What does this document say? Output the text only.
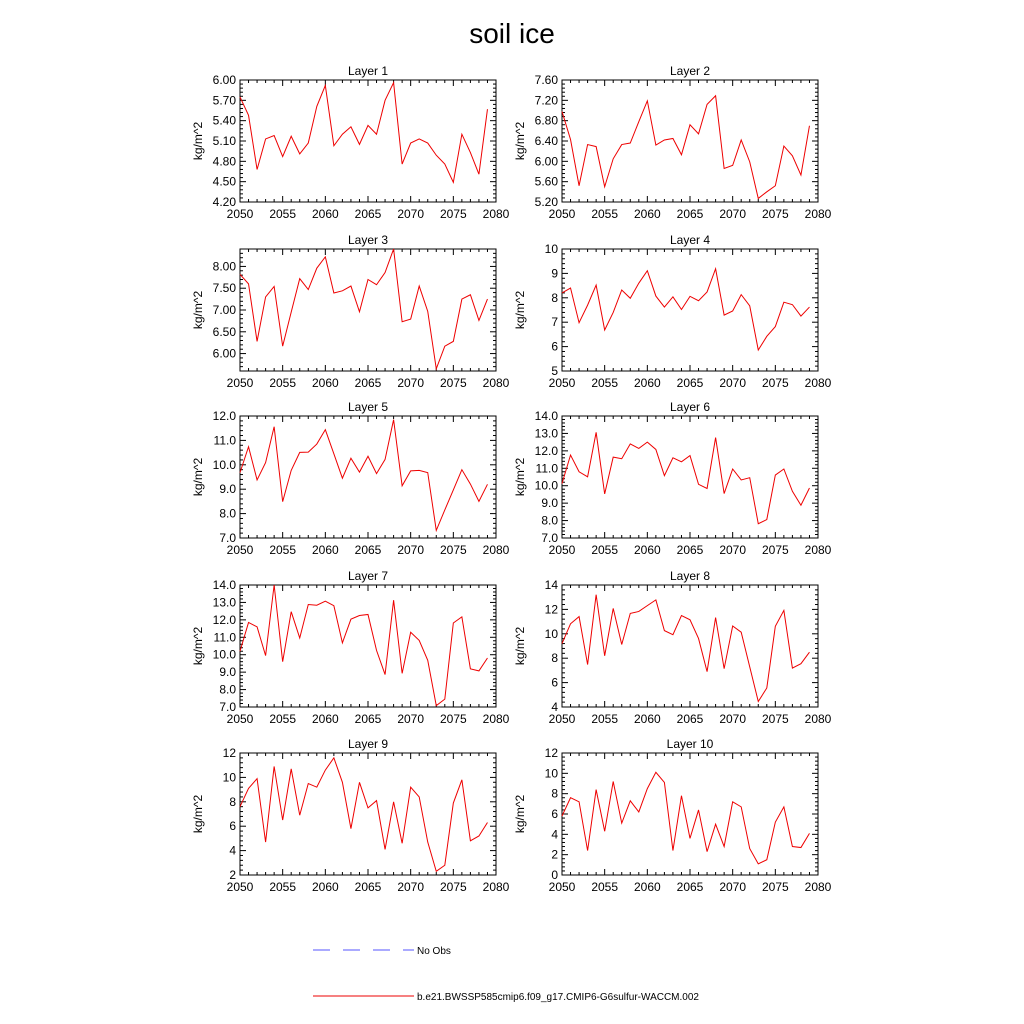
soil ice
Layer 1
kg/m^2
2050 2055 2060 2065 2070 2075 2080
4.20
4.50
4.80
5.10
5.40
5.70
6.00
Layer 2
kg/m^2
2050 2055 2060 2065 2070 2075 2080
5.20
5.60
6.00
6.40
6.80
7.20
7.60
Layer 3
kg/m^2
2050 2055 2060 2065 2070 2075 2080
6.00
6.50
7.00
7.50
8.00
Layer 4
kg/m^2
2050 2055 2060 2065 2070 2075 2080
5
6
7
8
9
10
Layer 5
kg/m^2
2050 2055 2060 2065 2070 2075 2080
7.0
8.0
9.0
10.0
11.0
12.0
Layer 6
kg/m^2
2050 2055 2060 2065 2070 2075 2080
7.0
8.0
9.0
10.0
11.0
12.0
13.0
14.0
Layer 7
kg/m^2
2050 2055 2060 2065 2070 2075 2080
7.0
8.0
9.0
10.0
11.0
12.0
13.0
14.0
Layer 8
kg/m^2
2050 2055 2060 2065 2070 2075 2080
4
6
8
10
12
14
Layer 9
kg/m^2
2050 2055 2060 2065 2070 2075 2080
2
4
6
8
10
12
Layer 10
kg/m^2
2050 2055 2060 2065 2070 2075 2080
0
2
4
6
8
10
12
No Obs
b.e21.BWSSP585cmip6.f09_g17.CMIP6-G6sulfur-WACCM.002
